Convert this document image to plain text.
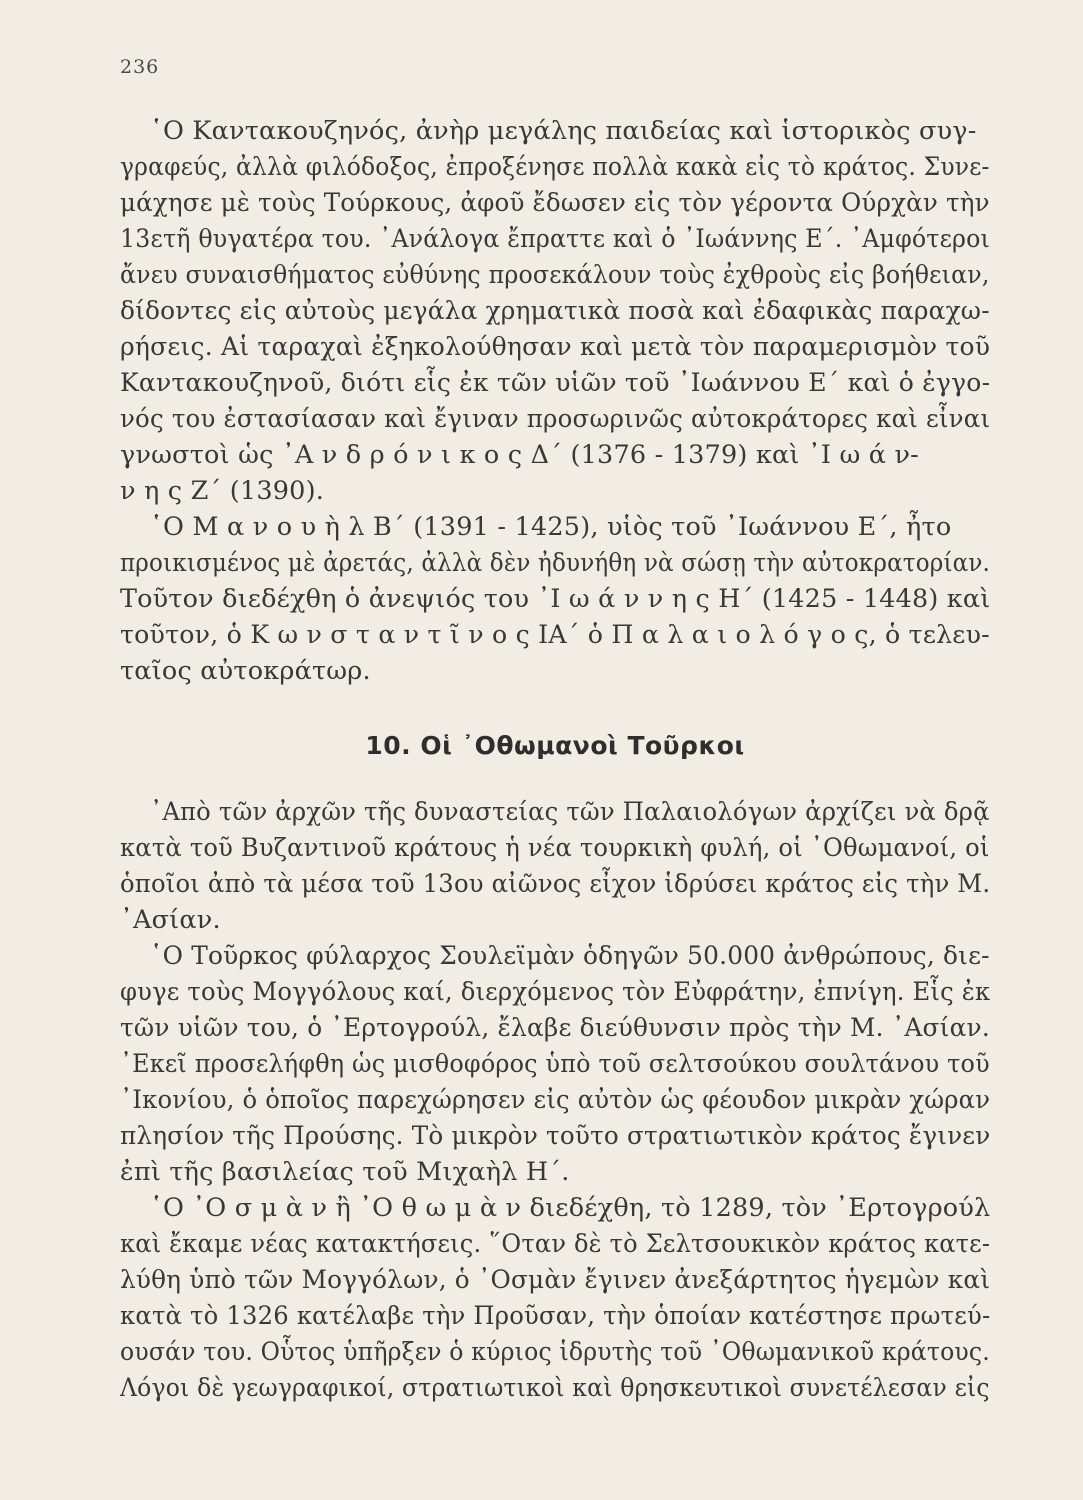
236
῾Ο Καντακουζηνός, ἀνὴρ μεγάλης παιδείας καὶ ἱστορικὸς συγ-
γραφεύς, ἀλλὰ φιλόδοξος, ἐπροξένησε πολλὰ κακὰ εἰς τὸ κράτος. Συνε-
μάχησε μὲ τοὺς Τούρκους, ἀφοῦ ἔδωσεν εἰς τὸν γέροντα Ούρχὰν τὴν
13ετῆ θυγατέρα του. ᾿Ανάλογα ἔπραττε καὶ ὁ ᾿Ιωάννης Ε΄. ᾿Αμφότεροι
ἄνευ συναισθήματος εὐθύνης προσεκάλουν τοὺς ἐχθροὺς εἰς βοήθειαν,
δίδοντες εἰς αὐτοὺς μεγάλα χρηματικὰ ποσὰ καὶ ἐδαφικὰς παραχω-
ρήσεις. Αἱ ταραχαὶ ἐξηκολούθησαν καὶ μετὰ τὸν παραμερισμὸν τοῦ
Καντακουζηνοῦ, διότι εἷς ἐκ τῶν υἱῶν τοῦ ᾿Ιωάννου Ε΄ καὶ ὁ ἐγγο-
νός του ἐστασίασαν καὶ ἔγιναν προσωρινῶς αὐτοκράτορες καὶ εἶναι
γνωστοὶ ὡς ᾿Α ν δ ρ ό ν ι κ ο ς Δ΄ (1376 - 1379) καὶ ᾿Ι ω ά ν-
ν η ς Ζ΄ (1390).
῾Ο Μ α ν ο υ ὴ λ Β΄ (1391 - 1425), υἱὸς τοῦ ᾿Ιωάννου Ε΄, ἦτο
προικισμένος μὲ ἀρετάς, ἀλλὰ δὲν ἠδυνήθη νὰ σώσῃ τὴν αὐτοκρατορίαν.
Τοῦτον διεδέχθη ὁ ἀνεψιός του ᾿Ι ω ά ν ν η ς Η΄ (1425 - 1448) καὶ
τοῦτον, ὁ Κ ω ν σ τ α ν τ ῖ ν ο ς ΙΑ΄ ὁ Π α λ α ι ο λ ό γ ο ς, ὁ τελευ-
ταῖος αὐτοκράτωρ.
10. Οἱ ᾿Οθωμανοὶ Τοῦρκοι
᾿Απὸ τῶν ἀρχῶν τῆς δυναστείας τῶν Παλαιολόγων ἀρχίζει νὰ δρᾷ
κατὰ τοῦ Βυζαντινοῦ κράτους ἡ νέα τουρκικὴ φυλή, οἱ ᾿Οθωμανοί, οἱ
ὁποῖοι ἀπὸ τὰ μέσα τοῦ 13ου αἰῶνος εἶχον ἱδρύσει κράτος εἰς τὴν Μ.
᾿Ασίαν.
῾Ο Τοῦρκος φύλαρχος Σουλεϊμὰν ὁδηγῶν 50.000 ἀνθρώπους, διε-
φυγε τοὺς Μογγόλους καί, διερχόμενος τὸν Εὐφράτην, ἐπνίγη. Εἷς ἐκ
τῶν υἱῶν του, ὁ ᾿Ερτογρούλ, ἔλαβε διεύθυνσιν πρὸς τὴν Μ. ᾿Ασίαν.
᾿Εκεῖ προσελήφθη ὡς μισθοφόρος ὑπὸ τοῦ σελτσούκου σουλτάνου τοῦ
᾿Ικονίου, ὁ ὁποῖος παρεχώρησεν εἰς αὐτὸν ὡς φέουδον μικρὰν χώραν
πλησίον τῆς Προύσης. Τὸ μικρὸν τοῦτο στρατιωτικὸν κράτος ἔγινεν
ἐπὶ τῆς βασιλείας τοῦ Μιχαὴλ Η΄.
῾Ο ᾿Ο σ μ ὰ ν ἢ ᾿Ο θ ω μ ὰ ν διεδέχθη, τὸ 1289, τὸν ᾿Ερτογρούλ
καὶ ἔκαμε νέας κατακτήσεις. ῞Οταν δὲ τὸ Σελτσουκικὸν κράτος κατε-
λύθη ὑπὸ τῶν Μογγόλων, ὁ ᾿Οσμὰν ἔγινεν ἀνεξάρτητος ἡγεμὼν καὶ
κατὰ τὸ 1326 κατέλαβε τὴν Προῦσαν, τὴν ὁποίαν κατέστησε πρωτεύ-
ουσάν του. Οὗτος ὑπῆρξεν ὁ κύριος ἱδρυτὴς τοῦ ᾿Οθωμανικοῦ κράτους.
Λόγοι δὲ γεωγραφικοί, στρατιωτικοὶ καὶ θρησκευτικοὶ συνετέλεσαν εἰς
